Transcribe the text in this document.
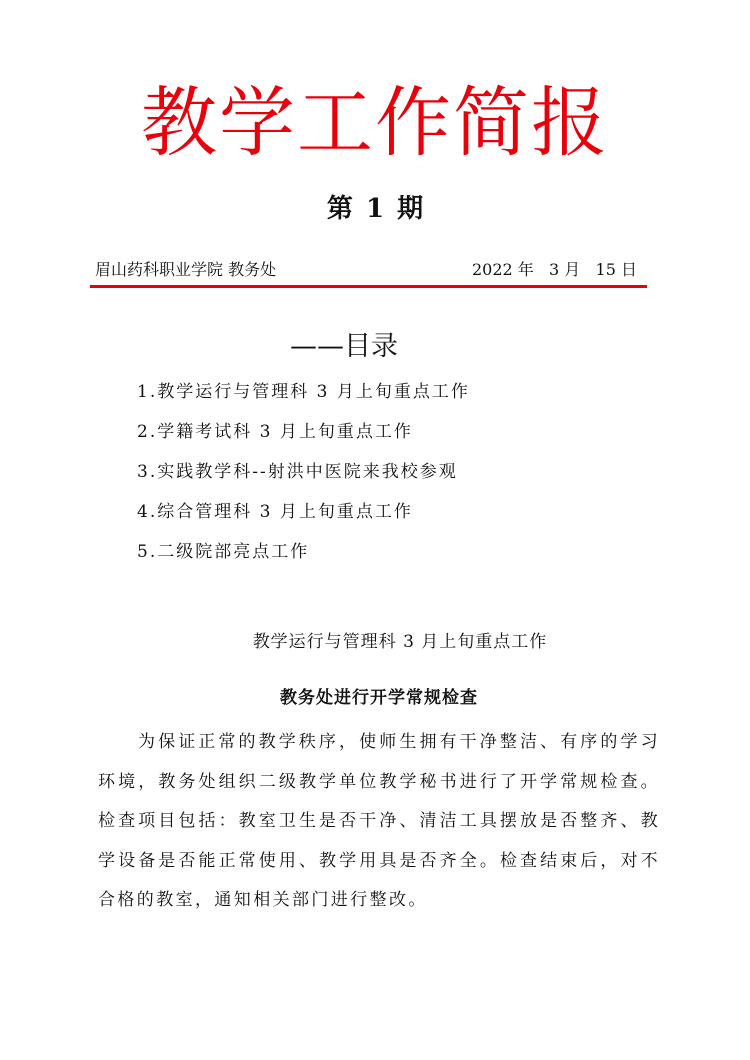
教学工作简报
第 1 期
眉山药科职业学院 教务处	2022 年   3 月   15 日
——目录
1.教学运行与管理科 3 月上旬重点工作
2.学籍考试科 3 月上旬重点工作
3.实践教学科--射洪中医院来我校参观
4.综合管理科 3 月上旬重点工作
5.二级院部亮点工作
教学运行与管理科 3 月上旬重点工作
教务处进行开学常规检查

为保证正常的教学秩序，使师生拥有干净整洁、有序的学习环境，教务处组织二级教学单位教学秘书进行了开学常规检查。检查项目包括：教室卫生是否干净、清洁工具摆放是否整齐、教学设备是否能正常使用、教学用具是否齐全。检查结束后，对不合格的教室，通知相关部门进行整改。
